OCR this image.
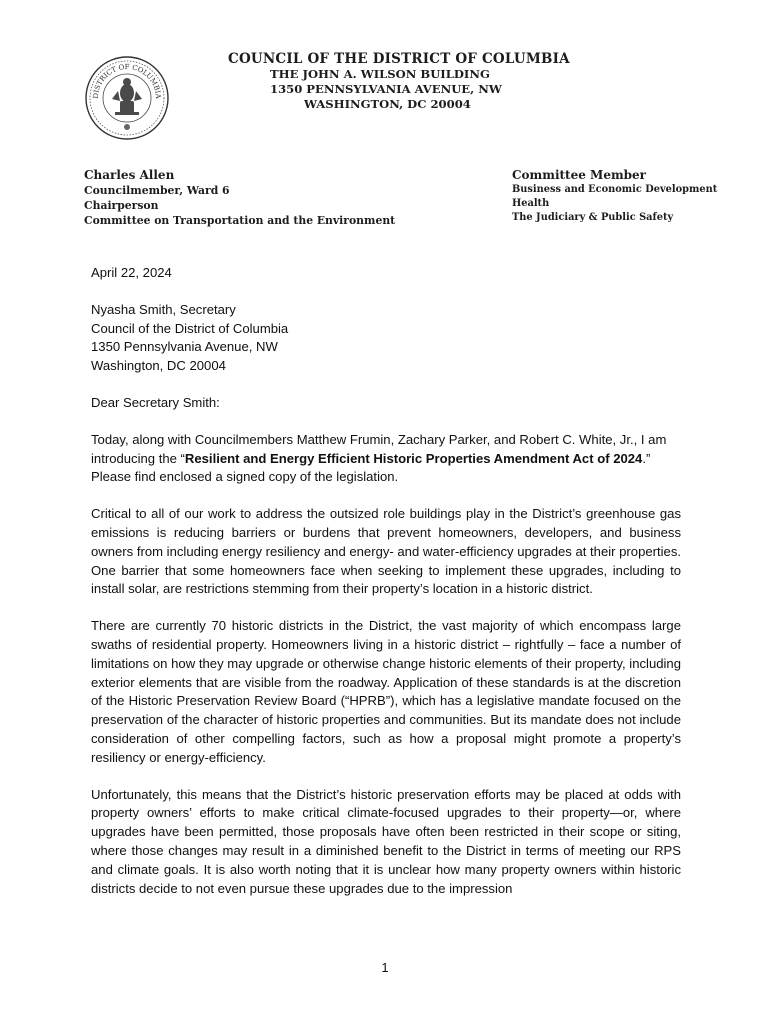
DISTRICT OF COLUMBIA
COUNCIL OF THE DISTRICT OF COLUMBIA
THE JOHN A. WILSON BUILDING
1350 PENNSYLVANIA AVENUE, NW
WASHINGTON, DC 20004
Charles Allen
Councilmember, Ward 6
Chairperson
Committee on Transportation and the Environment
Committee Member
Business and Economic Development
Health
The Judiciary & Public Safety

April 22, 2024

Nyasha Smith, Secretary
Council of the District of Columbia
1350 Pennsylvania Avenue, NW
Washington, DC 20004

Dear Secretary Smith:

Today, along with Councilmembers Matthew Frumin, Zachary Parker, and Robert C. White, Jr., I am introducing the “Resilient and Energy Efficient Historic Properties Amendment Act of 2024.” Please find enclosed a signed copy of the legislation.

Critical to all of our work to address the outsized role buildings play in the District’s greenhouse gas emissions is reducing barriers or burdens that prevent homeowners, developers, and business owners from including energy resiliency and energy- and water-efficiency upgrades at their properties. One barrier that some homeowners face when seeking to implement these upgrades, including to install solar, are restrictions stemming from their property’s location in a historic district.

There are currently 70 historic districts in the District, the vast majority of which encompass large swaths of residential property. Homeowners living in a historic district – rightfully – face a number of limitations on how they may upgrade or otherwise change historic elements of their property, including exterior elements that are visible from the roadway. Application of these standards is at the discretion of the Historic Preservation Review Board (“HPRB”), which has a legislative mandate focused on the preservation of the character of historic properties and communities. But its mandate does not include consideration of other compelling factors, such as how a proposal might promote a property’s resiliency or energy-efficiency.

Unfortunately, this means that the District’s historic preservation efforts may be placed at odds with property owners’ efforts to make critical climate-focused upgrades to their property—or, where upgrades have been permitted, those proposals have often been restricted in their scope or siting, where those changes may result in a diminished benefit to the District in terms of meeting our RPS and climate goals. It is also worth noting that it is unclear how many property owners within historic districts decide to not even pursue these upgrades due to the impression

1
